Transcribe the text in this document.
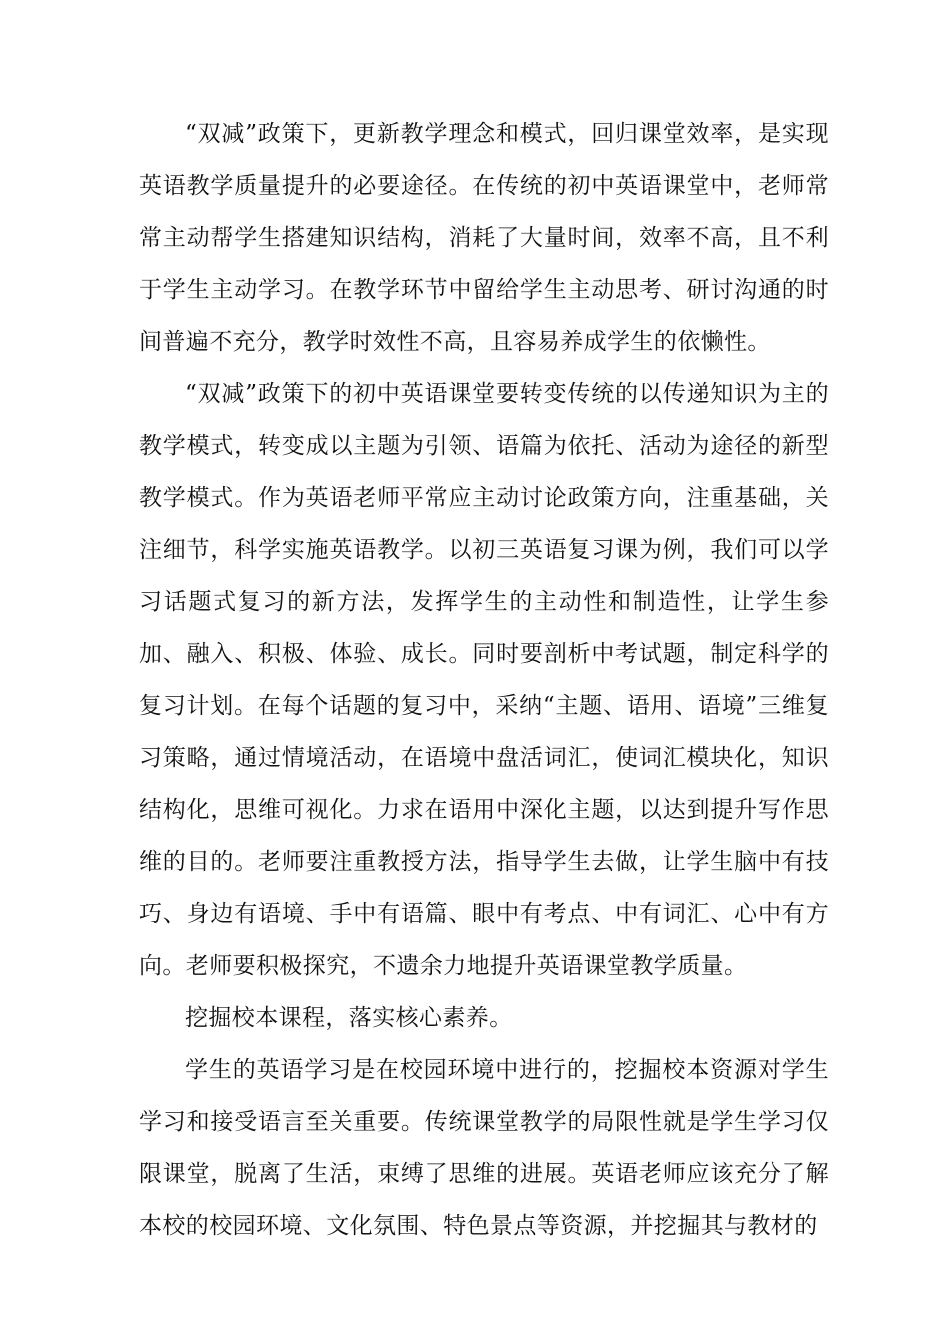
“双减”政策下，更新教学理念和模式，回归课堂效率，是实现英语教学质量提升的必要途径。在传统的初中英语课堂中，老师常常主动帮学生搭建知识结构，消耗了大量时间，效率不高，且不利于学生主动学习。在教学环节中留给学生主动思考、研讨沟通的时间普遍不充分，教学时效性不高，且容易养成学生的依懒性。

“双减”政策下的初中英语课堂要转变传统的以传递知识为主的教学模式，转变成以主题为引领、语篇为依托、活动为途径的新型教学模式。作为英语老师平常应主动讨论政策方向，注重基础，关注细节，科学实施英语教学。以初三英语复习课为例，我们可以学习话题式复习的新方法，发挥学生的主动性和制造性，让学生参加、融入、积极、体验、成长。同时要剖析中考试题，制定科学的复习计划。在每个话题的复习中，采纳“主题、语用、语境”三维复习策略，通过情境活动，在语境中盘活词汇，使词汇模块化，知识结构化，思维可视化。力求在语用中深化主题，以达到提升写作思维的目的。老师要注重教授方法，指导学生去做，让学生脑中有技巧、身边有语境、手中有语篇、眼中有考点、中有词汇、心中有方向。老师要积极探究，不遗余力地提升英语课堂教学质量。

挖掘校本课程，落实核心素养。

学生的英语学习是在校园环境中进行的，挖掘校本资源对学生学习和接受语言至关重要。传统课堂教学的局限性就是学生学习仅限课堂，脱离了生活，束缚了思维的进展。英语老师应该充分了解本校的校园环境、文化氛围、特色景点等资源，并挖掘其与教材的
